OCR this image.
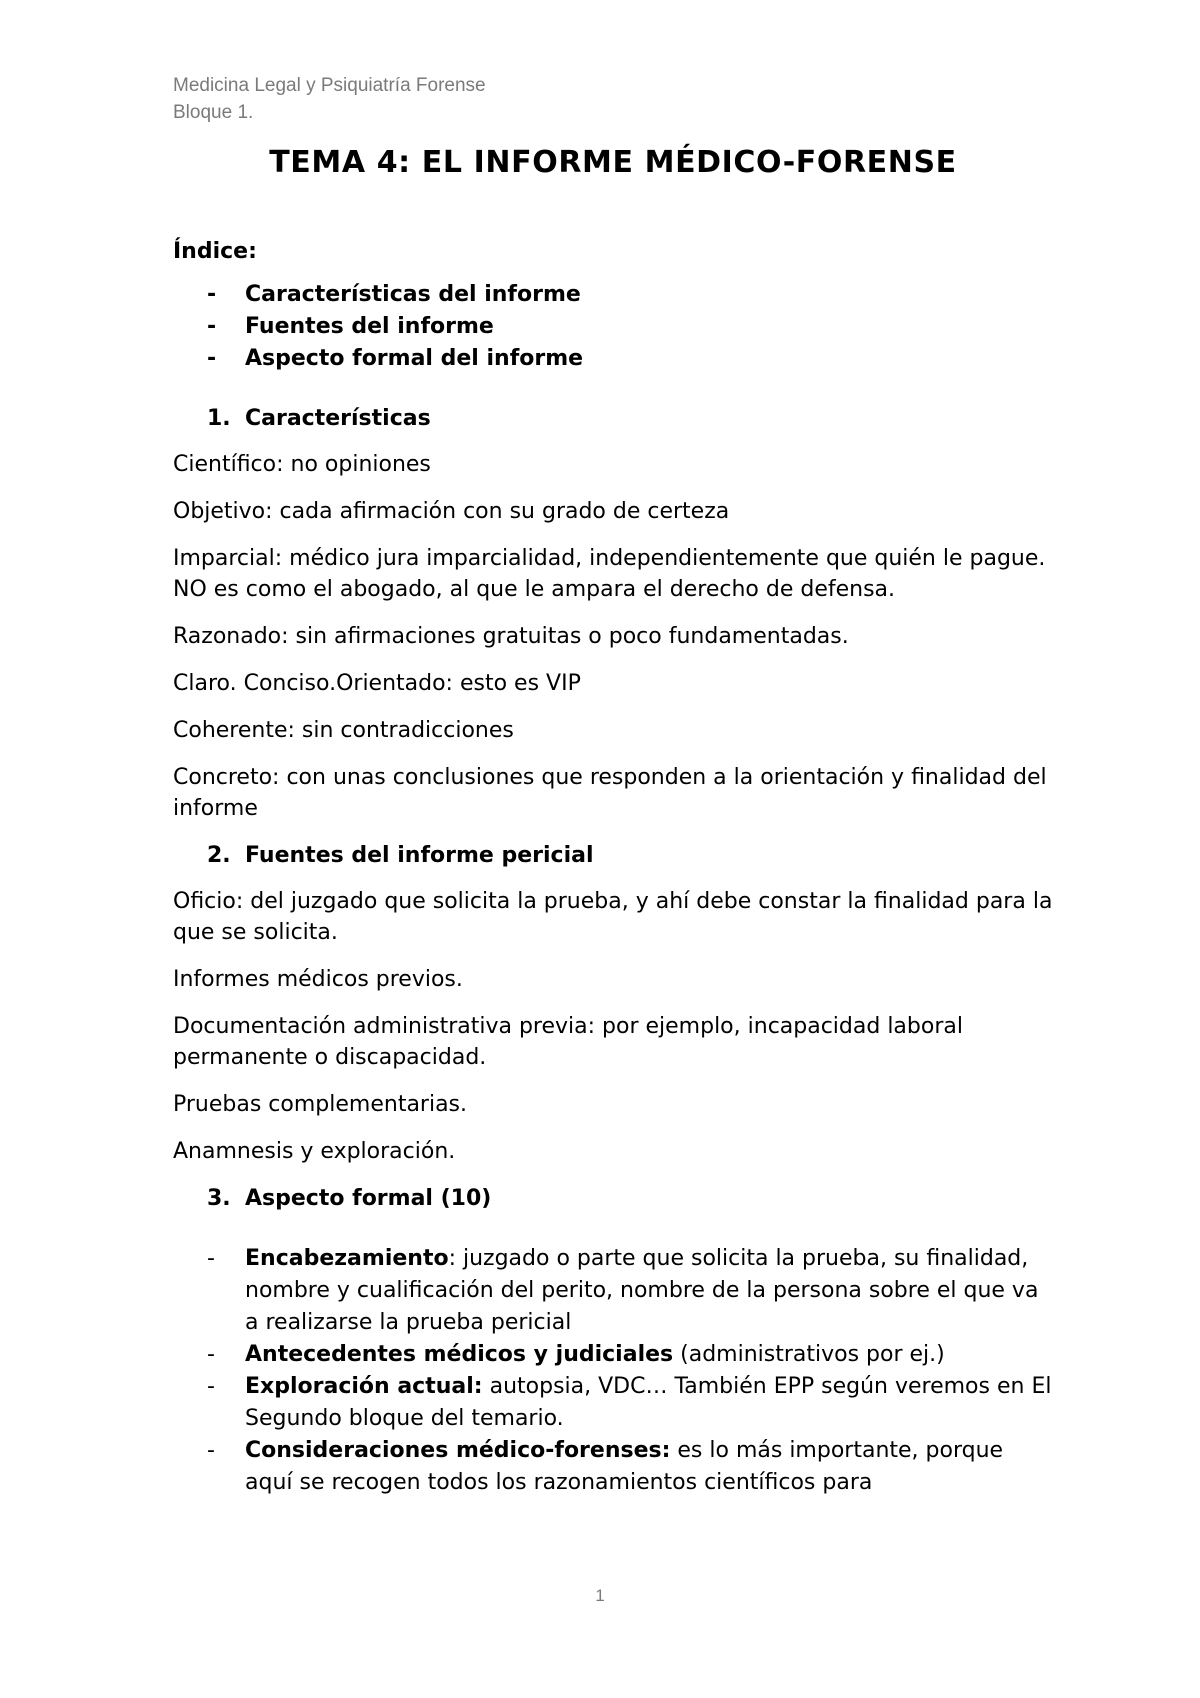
Medicina Legal y Psiquiatría Forense
Bloque 1.
TEMA 4: EL INFORME MÉDICO-FORENSE
Índice:
-	Características del informe
-	Fuentes del informe
-	Aspecto formal del informe
1. Características
Científico: no opiniones
Objetivo: cada afirmación con su grado de certeza
Imparcial: médico jura imparcialidad, independientemente que quién le pague. NO es como el abogado, al que le ampara el derecho de defensa.
Razonado: sin afirmaciones gratuitas o poco fundamentadas.
Claro. Conciso.Orientado: esto es VIP
Coherente: sin contradicciones
Concreto: con unas conclusiones que responden a la orientación y finalidad del informe
2. Fuentes del informe pericial
Oficio: del juzgado que solicita la prueba, y ahí debe constar la finalidad para la que se solicita.
Informes médicos previos.
Documentación administrativa previa: por ejemplo, incapacidad laboral permanente o discapacidad.
Pruebas complementarias.
Anamnesis y exploración.
3. Aspecto formal (10)
-	Encabezamiento: juzgado o parte que solicita la prueba, su finalidad, nombre y cualificación del perito, nombre de la persona sobre el que va a realizarse la prueba pericial
-	Antecedentes médicos y judiciales (administrativos por ej.)
-	Exploración actual: autopsia, VDC… También EPP según veremos en El Segundo bloque del temario.
-	Consideraciones médico-forenses: es lo más importante, porque aquí se recogen todos los razonamientos científicos para
1
